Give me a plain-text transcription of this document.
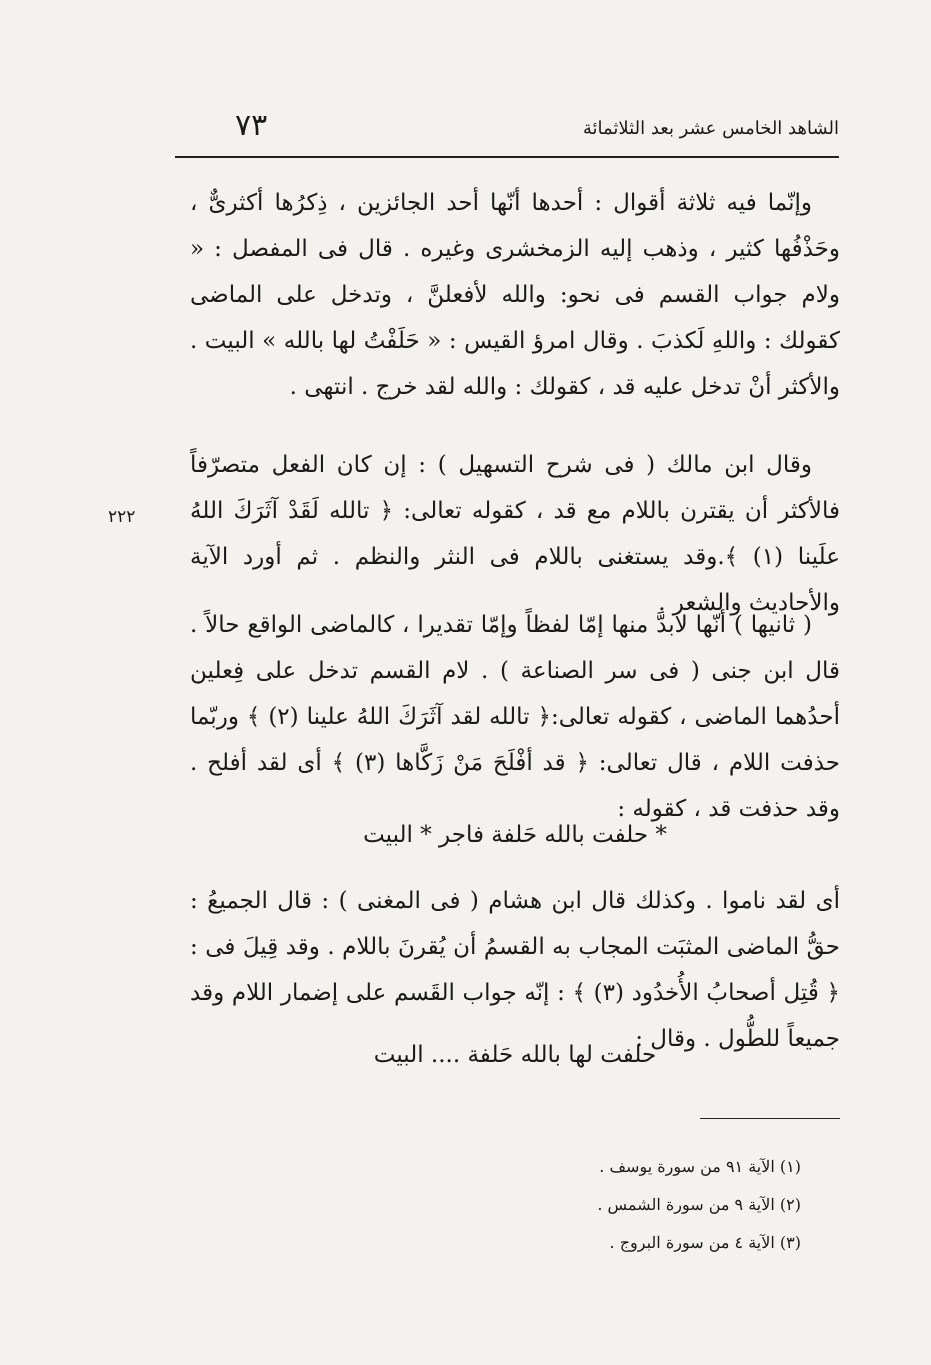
الشاهد الخامس عشر بعد الثلاثمائة
٧٣
٢٢٢
وإنّما فيه ثلاثة أقوال : أحدها أنّها أحد الجائزين ، ذِكرُها أكثرىٌّ ، وحَذْفُها كثير ، وذهب إليه الزمخشرى وغيره . قال فى المفصل : « ولام جواب القسم فى نحو: والله لأفعلنَّ ، وتدخل على الماضى كقولك : واللهِ لَكذبَ . وقال امرؤ القيس : « حَلَفْتُ لها بالله » البيت . والأكثر أنْ تدخل عليه قد ، كقولك : والله لقد خرج . انتهى .
وقال ابن مالك ( فى شرح التسهيل ) : إن كان الفعل متصرّفاً فالأكثر أن يقترن باللام مع قد ، كقوله تعالى: ﴿ تالله لَقَدْ آثَرَكَ اللهُ علَينا (١) ﴾.وقد يستغنى باللام فى النثر والنظم . ثم أورد الآية والأحاديث والشعر .
( ثانيها ) أنّها لابدَّ منها إمّا لفظاً وإمّا تقديرا ، كالماضى الواقع حالاً . قال ابن جنى ( فى سر الصناعة ) . لام القسم تدخل على فِعلين أحدُهما الماضى ، كقوله تعالى:﴿ تالله لقد آثَرَكَ اللهُ علينا (٢) ﴾ وربّما حذفت اللام ، قال تعالى: ﴿ قد أفْلَحَ مَنْ زَكَّاها (٣) ﴾ أى لقد أفلح . وقد حذفت قد ، كقوله :
* حلفت بالله حَلفة فاجر * البيت
أى لقد ناموا . وكذلك قال ابن هشام ( فى المغنى ) : قال الجميعُ : حقُّ الماضى المثبَت المجاب به القسمُ أن يُقرنَ باللام . وقد قِيلَ فى : ﴿ قُتِل أصحابُ الأُخدُود (٣) ﴾ : إنّه جواب القَسم على إضمار اللام وقد جميعاً للطُّول . وقال :
حلفت لها بالله حَلفة .... البيت
(١) الآية ٩١ من سورة يوسف .
(٢) الآية ٩ من سورة الشمس .
(٣) الآية ٤ من سورة البروج .
